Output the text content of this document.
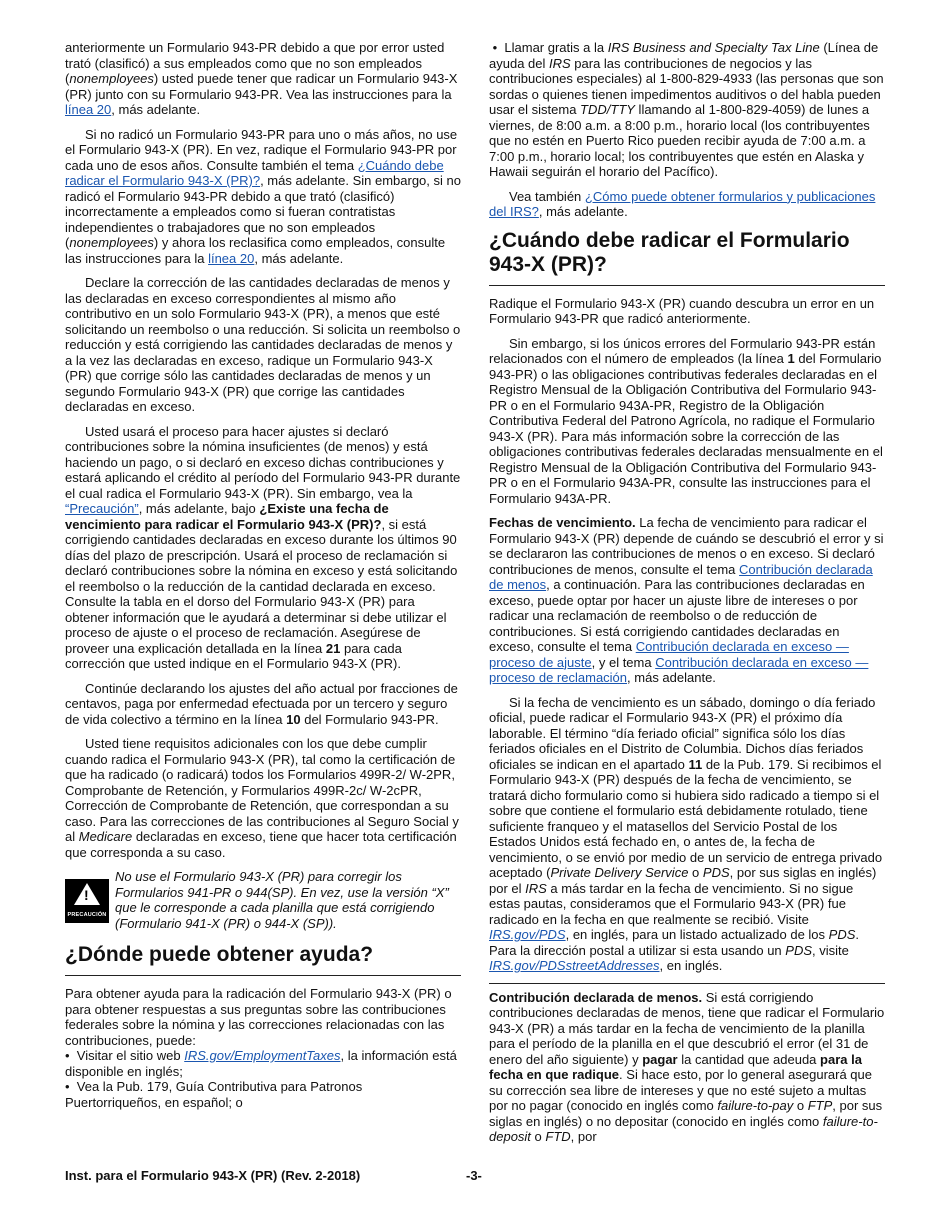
anteriormente un Formulario 943-PR debido a que por error usted trató (clasificó) a sus empleados como que no son empleados (nonemployees) usted puede tener que radicar un Formulario 943-X (PR) junto con su Formulario 943-PR. Vea las instrucciones para la línea 20, más adelante.

Si no radicó un Formulario 943-PR para uno o más años, no use el Formulario 943-X (PR). En vez, radique el Formulario 943-PR por cada uno de esos años. Consulte también el tema ¿Cuándo debe radicar el Formulario 943-X (PR)?, más adelante. Sin embargo, si no radicó el Formulario 943-PR debido a que trató (clasificó) incorrectamente a empleados como si fueran contratistas independientes o trabajadores que no son empleados (nonemployees) y ahora los reclasifica como empleados, consulte las instrucciones para la línea 20, más adelante.

Declare la corrección de las cantidades declaradas de menos y las declaradas en exceso correspondientes al mismo año contributivo en un solo Formulario 943-X (PR), a menos que esté solicitando un reembolso o una reducción. Si solicita un reembolso o reducción y está corrigiendo las cantidades declaradas de menos y a la vez las declaradas en exceso, radique un Formulario 943-X (PR) que corrige sólo las cantidades declaradas de menos y un segundo Formulario 943-X (PR) que corrige las cantidades declaradas en exceso.

Usted usará el proceso para hacer ajustes si declaró contribuciones sobre la nómina insuficientes (de menos) y está haciendo un pago, o si declaró en exceso dichas contribuciones y estará aplicando el crédito al período del Formulario 943-PR durante el cual radica el Formulario 943-X (PR). Sin embargo, vea la “Precaución”, más adelante, bajo ¿Existe una fecha de vencimiento para radicar el Formulario 943-X (PR)?, si está corrigiendo cantidades declaradas en exceso durante los últimos 90 días del plazo de prescripción. Usará el proceso de reclamación si declaró contribuciones sobre la nómina en exceso y está solicitando el reembolso o la reducción de la cantidad declarada en exceso. Consulte la tabla en el dorso del Formulario 943-X (PR) para obtener información que le ayudará a determinar si debe utilizar el proceso de ajuste o el proceso de reclamación. Asegúrese de proveer una explicación detallada en la línea 21 para cada corrección que usted indique en el Formulario 943-X (PR).

Continúe declarando los ajustes del año actual por fracciones de centavos, paga por enfermedad efectuada por un tercero y seguro de vida colectivo a término en la línea 10 del Formulario 943-PR.

Usted tiene requisitos adicionales con los que debe cumplir cuando radica el Formulario 943-X (PR), tal como la certificación de que ha radicado (o radicará) todos los Formularios 499R-2/ W-2PR, Comprobante de Retención, y Formularios 499R-2c/ W-2cPR, Corrección de Comprobante de Retención, que correspondan a su caso. Para las correcciones de las contribuciones al Seguro Social y al Medicare declaradas en exceso, tiene que hacer tota certificación que corresponda a su caso.

!
PRECAUCIÓN
No use el Formulario 943-X (PR) para corregir los Formularios 941-PR o 944(SP). En vez, use la versión “X” que le corresponde a cada planilla que está corrigiendo (Formulario 941-X (PR) o 944-X (SP)).
¿Dónde puede obtener ayuda?

Para obtener ayuda para la radicación del Formulario 943-X (PR) o para obtener respuestas a sus preguntas sobre las contribuciones federales sobre la nómina y las correcciones relacionadas con las contribuciones, puede:

•  Visitar el sitio web IRS.gov/EmploymentTaxes, la información está disponible en inglés;
•  Vea la Pub. 179, Guía Contributiva para Patronos Puertorriqueños, en español; o

•  Llamar gratis a la IRS Business and Specialty Tax Line (Línea de ayuda del IRS para las contribuciones de negocios y las contribuciones especiales) al 1-800-829-4933 (las personas que son sordas o quienes tienen impedimentos auditivos o del habla pueden usar el sistema TDD/TTY llamando al 1-800-829-4059) de lunes a viernes, de 8:00 a.m. a 8:00 p.m., horario local (los contribuyentes que no estén en Puerto Rico pueden recibir ayuda de 7:00 a.m. a 7:00 p.m., horario local; los contribuyentes que estén en Alaska y Hawaii seguirán el horario del Pacífico).

Vea también ¿Cómo puede obtener formularios y publicaciones del IRS?, más adelante.

¿Cuándo debe radicar el Formulario 943-X (PR)?

Radique el Formulario 943-X (PR) cuando descubra un error en un Formulario 943-PR que radicó anteriormente.

Sin embargo, si los únicos errores del Formulario 943-PR están relacionados con el número de empleados (la línea 1 del Formulario 943-PR) o las obligaciones contributivas federales declaradas en el Registro Mensual de la Obligación Contributiva del Formulario 943-PR o en el Formulario 943A-PR, Registro de la Obligación Contributiva Federal del Patrono Agrícola, no radique el Formulario 943-X (PR). Para más información sobre la corrección de las obligaciones contributivas federales declaradas mensualmente en el Registro Mensual de la Obligación Contributiva del Formulario 943-PR o en el Formulario 943A-PR, consulte las instrucciones para el Formulario 943A-PR.

Fechas de vencimiento. La fecha de vencimiento para radicar el Formulario 943-X (PR) depende de cuándo se descubrió el error y si se declararon las contribuciones de menos o en exceso. Si declaró contribuciones de menos, consulte el tema Contribución declarada de menos, a continuación. Para las contribuciones declaradas en exceso, puede optar por hacer un ajuste libre de intereses o por radicar una reclamación de reembolso o de reducción de contribuciones. Si está corrigiendo cantidades declaradas en exceso, consulte el tema Contribución declarada en exceso —proceso de ajuste, y el tema Contribución declarada en exceso —proceso de reclamación, más adelante.

Si la fecha de vencimiento es un sábado, domingo o día feriado oficial, puede radicar el Formulario 943-X (PR) el próximo día laborable. El término “día feriado oficial” significa sólo los días feriados oficiales en el Distrito de Columbia. Dichos días feriados oficiales se indican en el apartado 11 de la Pub. 179. Si recibimos el Formulario 943-X (PR) después de la fecha de vencimiento, se tratará dicho formulario como si hubiera sido radicado a tiempo si el sobre que contiene el formulario está debidamente rotulado, tiene suficiente franqueo y el matasellos del Servicio Postal de los Estados Unidos está fechado en, o antes de, la fecha de vencimiento, o se envió por medio de un servicio de entrega privado aceptado (Private Delivery Service o PDS, por sus siglas en inglés) por el IRS a más tardar en la fecha de vencimiento. Si no sigue estas pautas, consideramos que el Formulario 943-X (PR) fue radicado en la fecha en que realmente se recibió. Visite IRS.gov/PDS, en inglés, para un listado actualizado de los PDS. Para la dirección postal a utilizar si esta usando un PDS, visite IRS.gov/PDSstreetAddresses, en inglés.

Contribución declarada de menos. Si está corrigiendo contribuciones declaradas de menos, tiene que radicar el Formulario 943-X (PR) a más tardar en la fecha de vencimiento de la planilla para el período de la planilla en el que descubrió el error (el 31 de enero del año siguiente) y pagar la cantidad que adeuda para la fecha en que radique. Si hace esto, por lo general asegurará que su corrección sea libre de intereses y que no esté sujeto a multas por no pagar (conocido en inglés como failure-to-pay o FTP, por sus siglas en inglés) o no depositar (conocido en inglés como failure-to-deposit o FTD, por

Inst. para el Formulario 943-X (PR) (Rev. 2-2018)	-3-
